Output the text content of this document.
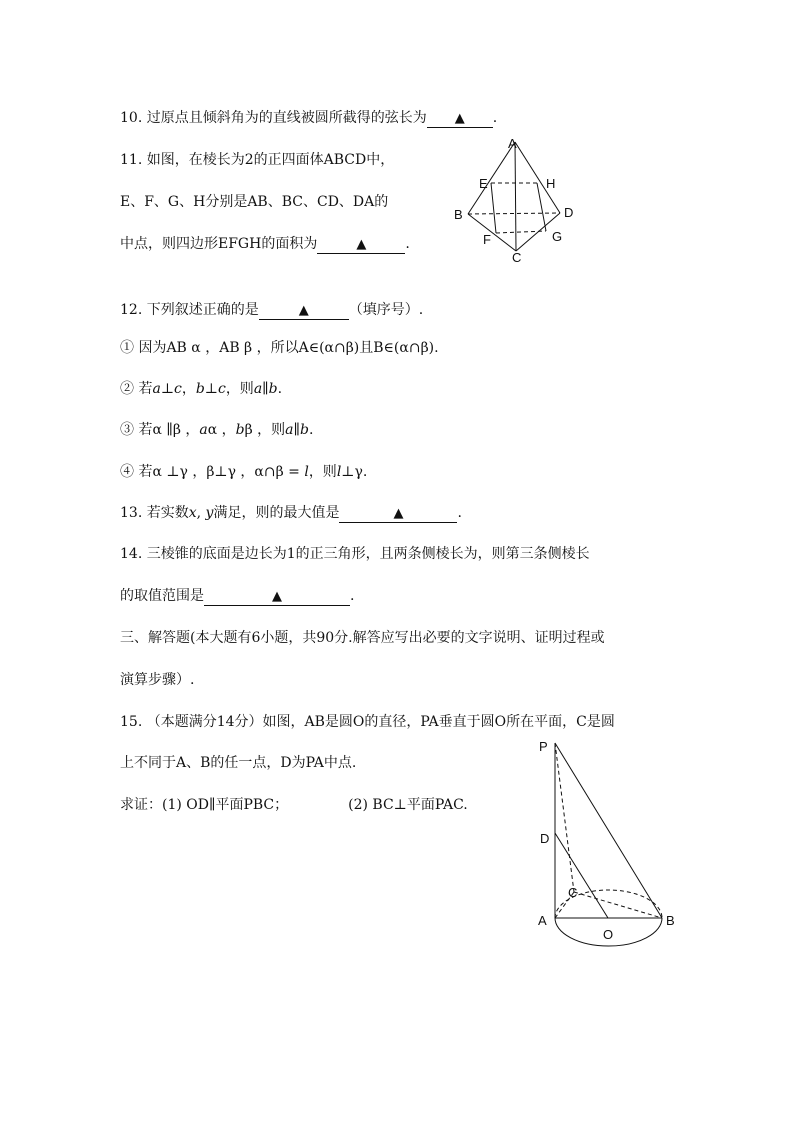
10. 过原点且倾斜角为的直线被圆所截得的弦长为 ▲ .
11. 如图，在棱长为2的正四面体ABCD中，
E、F、G、H分别是AB、BC、CD、DA的
中点，则四边形EFGH的面积为	▲	.
A
B
C
D
E
F	G
H
12. 下列叙述正确的是	▲	（填序号）.
① 因为AB α ，AB β ，所以A∈(α∩β)且B∈(α∩β).
② 若a⊥c，b⊥c，则a∥b.
③ 若α ∥β ，aα ，bβ ，则a∥b.
④ 若α ⊥γ ，β⊥γ ，α∩β = l，则l⊥γ.
13. 若实数x, y满足，则的最大值是	▲	.
14. 三棱锥的底面是边长为1的正三角形，且两条侧棱长为，则第三条侧棱长
的取值范围是	▲	.
三、解答题(本大题有6小题，共90分.解答应写出必要的文字说明、证明过程或
演算步骤）.
15. （本题满分14分）如图，AB是圆O的直径，PA垂直于圆O所在平面，C是圆
上不同于A、B的任一点，D为PA中点.
求证：(1) OD∥平面PBC；	(2) BC⊥平面PAC.
P
D
C
A
O
B
